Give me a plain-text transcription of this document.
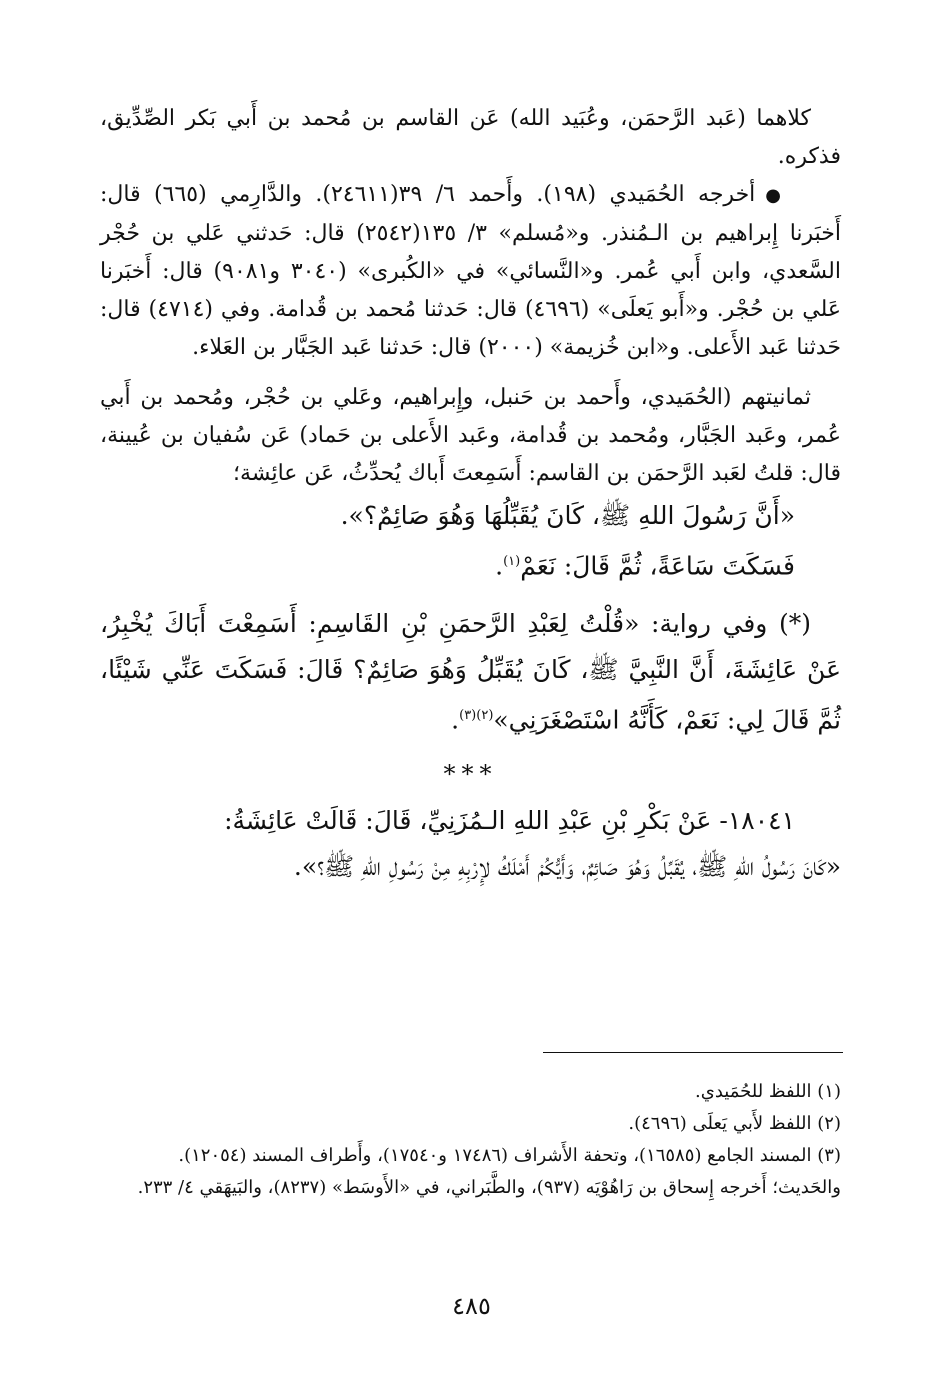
كلاهما (عَبد الرَّحمَن، وعُبَيد الله) عَن القاسم بن مُحمد بن أَبي بَكر الصِّدِّيق، فذكره.

●أخرجه الحُمَيدي (١٩٨). وأَحمد ٦/ ٣٩(٢٤٦١١). والدَّارِمي (٦٦٥) قال: أَخبَرنا إِبراهيم بن الـمُنذر. و«مُسلم» ٣/ ١٣٥(٢٥٤٢) قال: حَدثني عَلي بن حُجْر السَّعدي، وابن أَبي عُمر. و«النَّسائي» في «الكُبرى» (٣٠٤٠ و٩٠٨١) قال: أَخبَرنا عَلي بن حُجْر. و«أَبو يَعلَى» (٤٦٩٦) قال: حَدثنا مُحمد بن قُدامة. وفي (٤٧١٤) قال: حَدثنا عَبد الأَعلى. و«ابن خُزيمة» (٢٠٠٠) قال: حَدثنا عَبد الجَبَّار بن العَلاء.

ثمانيتهم (الحُمَيدي، وأَحمد بن حَنبل، وإِبراهيم، وعَلي بن حُجْر، ومُحمد بن أَبي عُمر، وعَبد الجَبَّار، ومُحمد بن قُدامة، وعَبد الأَعلى بن حَماد) عَن سُفيان بن عُيينة، قال: قلتُ لعَبد الرَّحمَن بن القاسم: أَسَمِعتَ أَباك يُحدِّثُ، عَن عائِشة؛

«أَنَّ رَسُولَ اللهِ ﷺ، كَانَ يُقَبِّلُهَا وَهُوَ صَائِمٌ؟».

فَسَكَتَ سَاعَةً، ثُمَّ قَالَ: نَعَمْ$^{(١)}$.

(*) وفي رواية: «قُلْتُ لِعَبْدِ الرَّحمَنِ بْنِ القَاسِمِ: أَسَمِعْتَ أَبَاكَ يُخْبِرُ، عَنْ عَائِشَةَ، أَنَّ النَّبِيَّ ﷺ، كَانَ يُقَبِّلُ وَهُوَ صَائِمٌ؟ قَالَ: فَسَكَتَ عَنِّي شَيْئًا، ثُمَّ قَالَ لِي: نَعَمْ، كَأَنَّهُ اسْتَصْغَرَنِي»$^{(٢)(٣)}$.

***

١٨٠٤١- عَنْ بَكْرِ بْنِ عَبْدِ اللهِ الـمُزَنِيِّ، قَالَ: قَالَتْ عَائِشَةُ:

«كَانَ رَسُولُ اللهِ ﷺ، يُقَبِّلُ وَهُوَ صَائِمٌ، وَأَيُّكُمْ أَمْلَكُ لإِرْبِهِ مِنْ رَسُولِ اللهِ ﷺ؟».

(١) اللفظ للحُمَيدي.

(٢) اللفظ لأَبي يَعلَى (٤٦٩٦).

(٣) المسند الجامع (١٦٥٨٥)، وتحفة الأَشراف (١٧٤٨٦ و١٧٥٤٠)، وأَطراف المسند (١٢٠٥٤).

والحَديث؛ أَخرجه إِسحاق بن رَاهُوْيَه (٩٣٧)، والطَّبَراني، في «الأَوسَط» (٨٢٣٧)، والبَيهَقي ٤/ ٢٣٣.

٤٨٥
